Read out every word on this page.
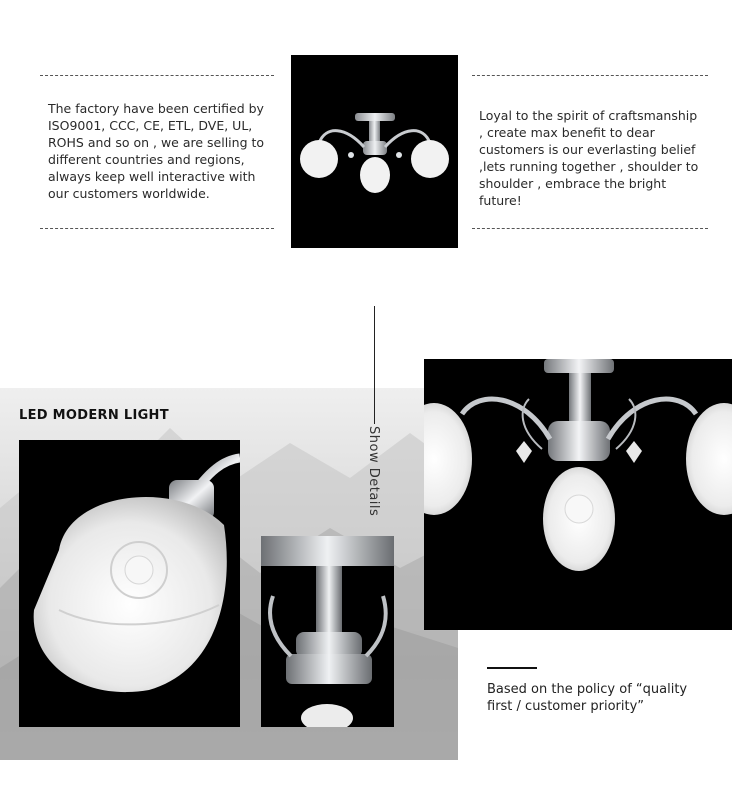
The factory have been certified by ISO9001, CCC, CE, ETL, DVE, UL, ROHS and so on , we are selling to different countries and regions, always keep well interactive with our customers worldwide.
Loyal to the spirit of craftsmanship , create max benefit to dear customers is our everlasting belief ,lets running together , shoulder to shoulder , embrace the bright future!
Show Details
LED MODERN LIGHT
Based on the policy of “quality first / customer priority”
